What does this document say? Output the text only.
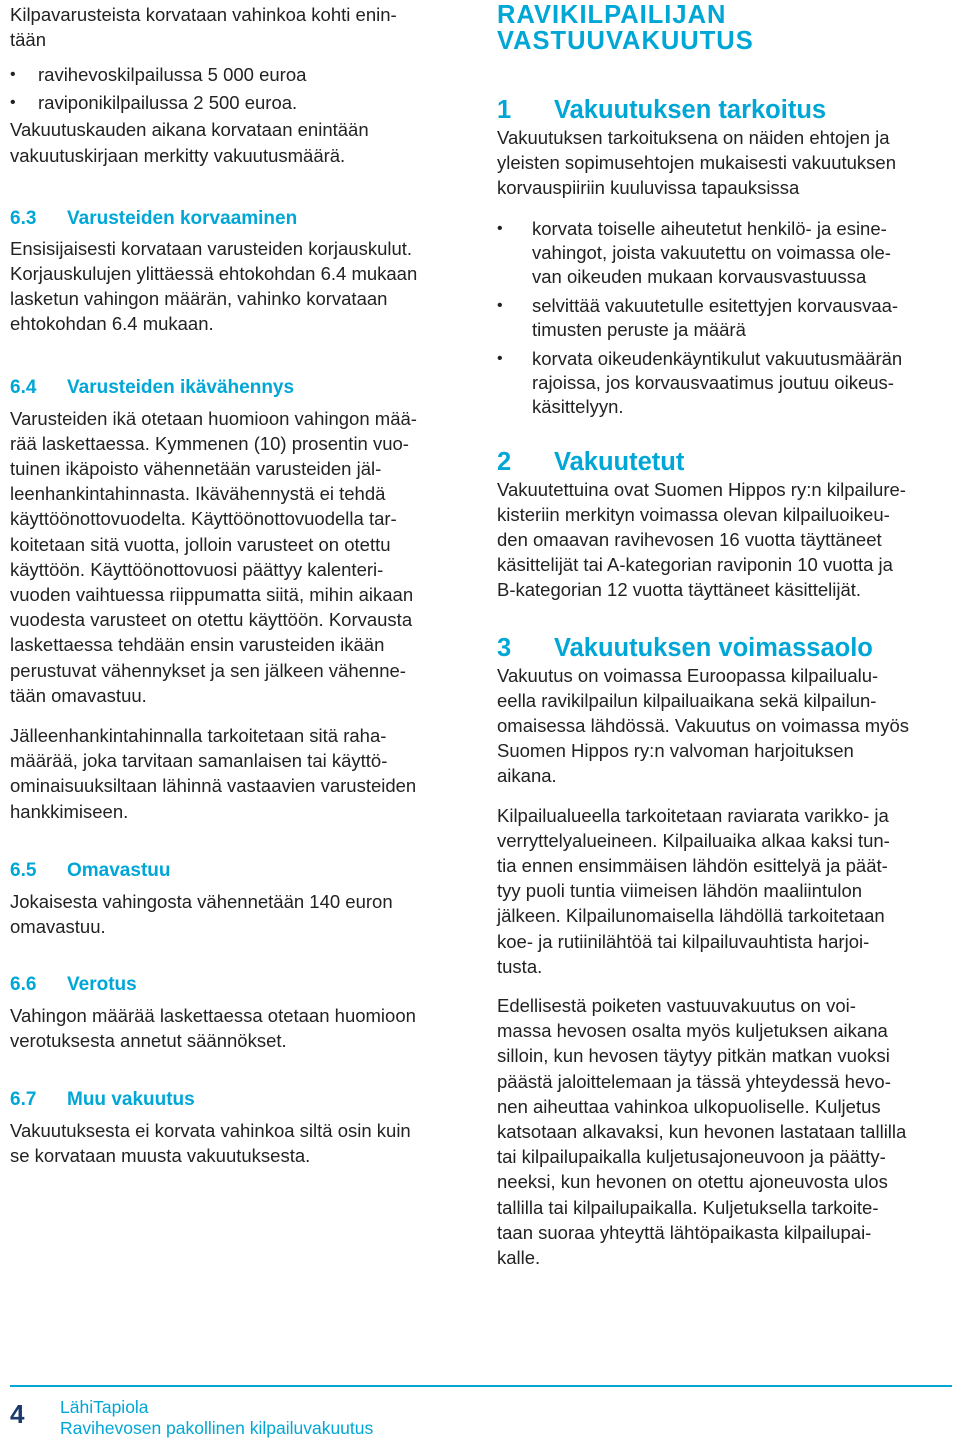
Kilpavarusteista korvataan vahinkoa kohti enin-
tään

• ravihevoskilpailussa 5 000 euroa
• raviponikilpailussa 2 500 euroa.

Vakuutuskauden aikana korvataan enintään
vakuutuskirjaan merkitty vakuutusmäärä.

6.3 Varusteiden korvaaminen

Ensisijaisesti korvataan varusteiden korjauskulut.
Korjauskulujen ylittäessä ehtokohdan 6.4 mukaan
lasketun vahingon määrän, vahinko korvataan
ehtokohdan 6.4 mukaan.

6.4 Varusteiden ikävähennys

Varusteiden ikä otetaan huomioon vahingon mää-
rää laskettaessa. Kymmenen (10) prosentin vuo-
tuinen ikäpoisto vähennetään varusteiden jäl-
leenhankintahinnasta. Ikävähennystä ei tehdä
käyttöönottovuodelta. Käyttöönottovuodella tar-
koitetaan sitä vuotta, jolloin varusteet on otettu
käyttöön. Käyttöönottovuosi päättyy kalenteri-
vuoden vaihtuessa riippumatta siitä, mihin aikaan
vuodesta varusteet on otettu käyttöön. Korvausta
laskettaessa tehdään ensin varusteiden ikään
perustuvat vähennykset ja sen jälkeen vähenne-
tään omavastuu.

Jälleenhankintahinnalla tarkoitetaan sitä raha-
määrää, joka tarvitaan samanlaisen tai käyttö-
ominaisuuksiltaan lähinnä vastaavien varusteiden
hankkimiseen.

6.5 Omavastuu

Jokaisesta vahingosta vähennetään 140 euron
omavastuu.

6.6 Verotus

Vahingon määrää laskettaessa otetaan huomioon
verotuksesta annetut säännökset.

6.7 Muu vakuutus

Vakuutuksesta ei korvata vahinkoa siltä osin kuin
se korvataan muusta vakuutuksesta.

RAVIKILPAILIJAN
VASTUUVAKUUTUS
1 Vakuutuksen tarkoitus

Vakuutuksen tarkoituksena on näiden ehtojen ja
yleisten sopimusehtojen mukaisesti vakuutuksen
korvauspiiriin kuuluvissa tapauksissa

• korvata toiselle aiheutetut henkilö- ja esine-
vahingot, joista vakuutettu on voimassa ole-
van oikeuden mukaan korvausvastuussa
• selvittää vakuutetulle esitettyjen korvausvaa-
timusten peruste ja määrä
• korvata oikeudenkäyntikulut vakuutusmäärän
rajoissa, jos korvausvaatimus joutuu oikeus-
käsittelyyn.
2 Vakuutetut

Vakuutettuina ovat Suomen Hippos ry:n kilpailure-
kisteriin merkityn voimassa olevan kilpailuoikeu-
den omaavan ravihevosen 16 vuotta täyttäneet
käsittelijät tai A-kategorian raviponin 10 vuotta ja
B-kategorian 12 vuotta täyttäneet käsittelijät.

3 Vakuutuksen voimassaolo

Vakuutus on voimassa Euroopassa kilpailualu-
eella ravikilpailun kilpailuaikana sekä kilpailun-
omaisessa lähdössä. Vakuutus on voimassa myös
Suomen Hippos ry:n valvoman harjoituksen
aikana.

Kilpailualueella tarkoitetaan raviarata varikko- ja
verryttelyalueineen. Kilpailuaika alkaa kaksi tun-
tia ennen ensimmäisen lähdön esittelyä ja päät-
tyy puoli tuntia viimeisen lähdön maaliintulon
jälkeen. Kilpailunomaisella lähdöllä tarkoitetaan
koe- ja rutiinilähtöä tai kilpailuvauhtista harjoi-
tusta.

Edellisestä poiketen vastuuvakuutus on voi-
massa hevosen osalta myös kuljetuksen aikana
silloin, kun hevosen täytyy pitkän matkan vuoksi
päästä jaloittelemaan ja tässä yhteydessä hevo-
nen aiheuttaa vahinkoa ulkopuoliselle. Kuljetus
katsotaan alkavaksi, kun hevonen lastataan tallilla
tai kilpailupaikalla kuljetusajoneuvoon ja päätty-
neeksi, kun hevonen on otettu ajoneuvosta ulos
tallilla tai kilpailupaikalla. Kuljetuksella tarkoite-
taan suoraa yhteyttä lähtöpaikasta kilpailupai-
kalle.

4 LähiTapiola
Ravihevosen pakollinen kilpailuvakuutus
